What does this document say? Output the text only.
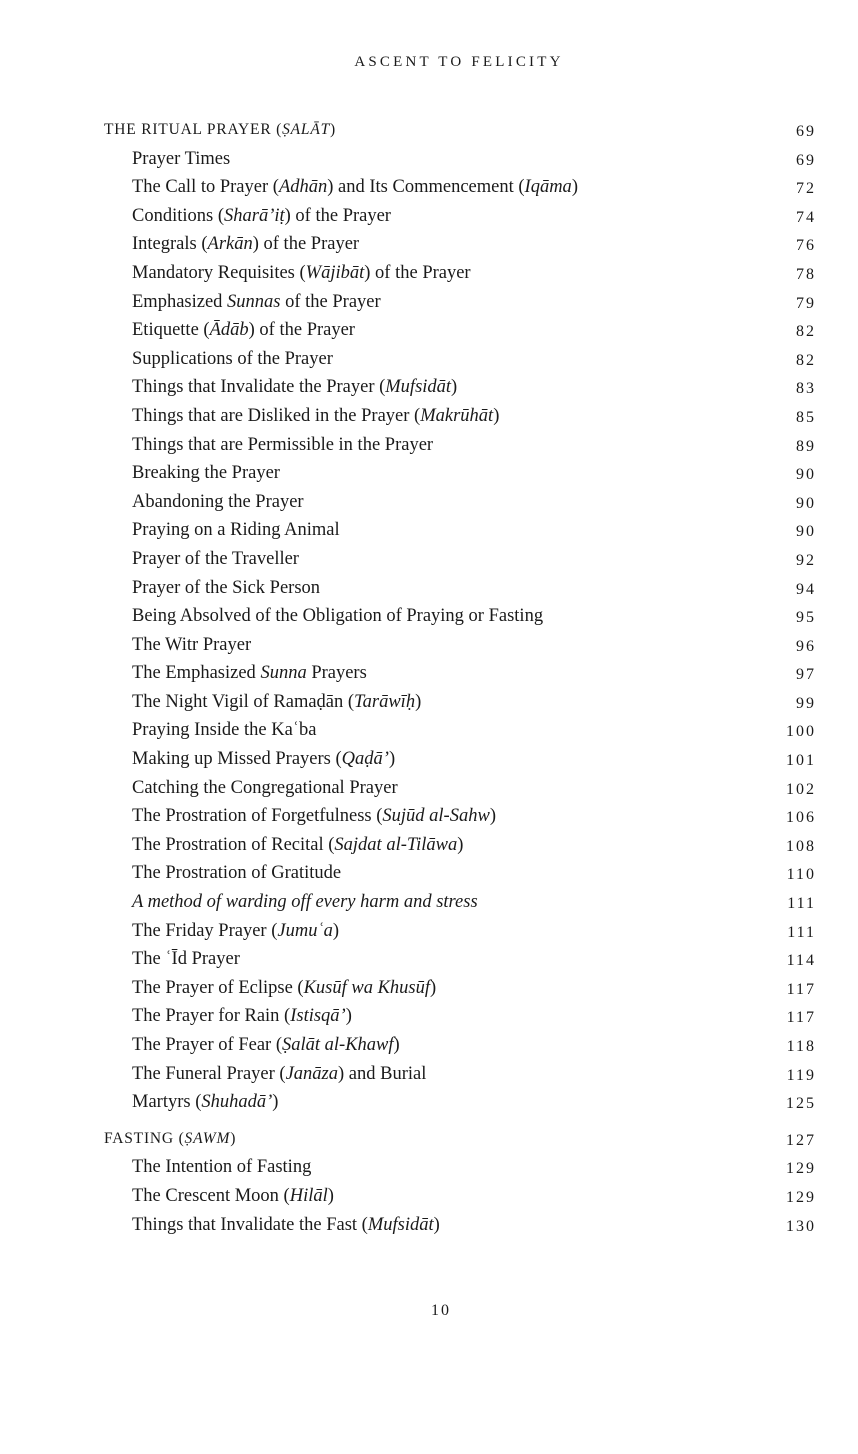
ASCENT TO FELICITY
THE RITUAL PRAYER (ṢALĀT)	69
Prayer Times	69
The Call to Prayer (Adhān) and Its Commencement (Iqāma)	72
Conditions (Sharā’iṭ) of the Prayer	74
Integrals (Arkān) of the Prayer	76
Mandatory Requisites (Wājibāt) of the Prayer	78
Emphasized Sunnas of the Prayer	79
Etiquette (Ādāb) of the Prayer	82
Supplications of the Prayer	82
Things that Invalidate the Prayer (Mufsidāt)	83
Things that are Disliked in the Prayer (Makrūhāt)	85
Things that are Permissible in the Prayer	89
Breaking the Prayer	90
Abandoning the Prayer	90
Praying on a Riding Animal	90
Prayer of the Traveller	92
Prayer of the Sick Person	94
Being Absolved of the Obligation of Praying or Fasting	95
The Witr Prayer	96
The Emphasized Sunna Prayers	97
The Night Vigil of Ramaḍān (Tarāwīḥ)	99
Praying Inside the Kaʿba	100
Making up Missed Prayers (Qaḍā’)	101
Catching the Congregational Prayer	102
The Prostration of Forgetfulness (Sujūd al-Sahw)	106
The Prostration of Recital (Sajdat al-Tilāwa)	108
The Prostration of Gratitude	110
A method of warding off every harm and stress	111
The Friday Prayer (Jumuʿa)	111
The ʿĪd Prayer	114
The Prayer of Eclipse (Kusūf wa Khusūf)	117
The Prayer for Rain (Istisqā’)	117
The Prayer of Fear (Ṣalāt al-Khawf)	118
The Funeral Prayer (Janāza) and Burial	119
Martyrs (Shuhadā’)	125
FASTING (ṢAWM)	127
The Intention of Fasting	129
The Crescent Moon (Hilāl)	129
Things that Invalidate the Fast (Mufsidāt)	130
10
